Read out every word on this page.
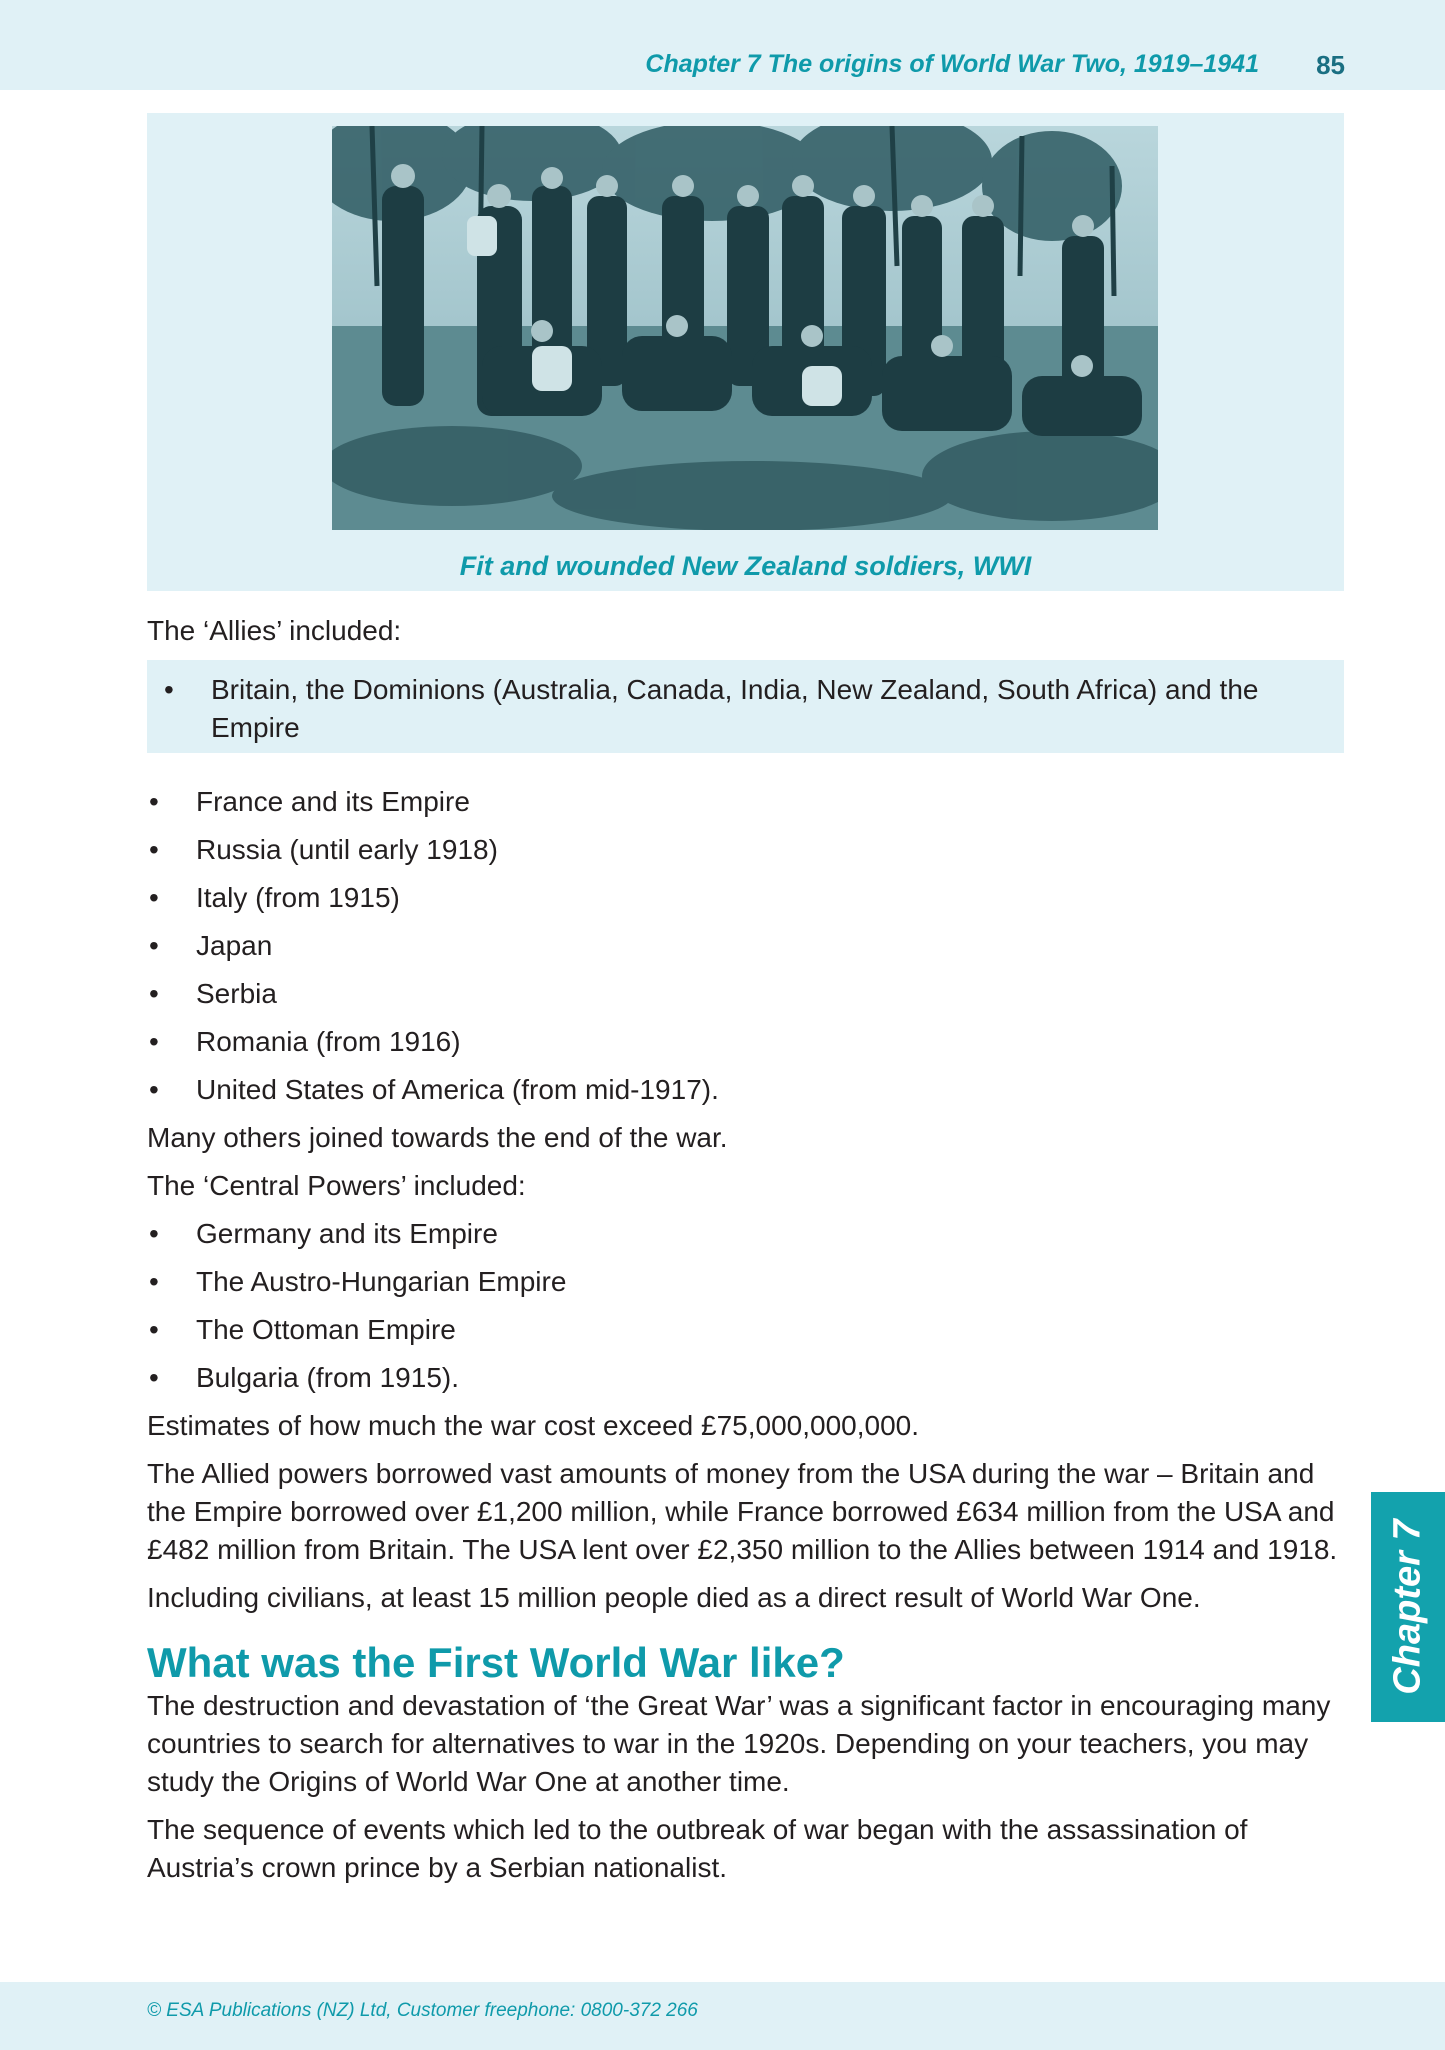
Chapter 7 The origins of World War Two, 1919–1941 85
Fit and wounded New Zealand soldiers, WWI

The ‘Allies’ included:

• Britain, the Dominions (Australia, Canada, India, New Zealand, South Africa) and the Empire
• France and its Empire
• Russia (until early 1918)
• Italy (from 1915)
• Japan
• Serbia
• Romania (from 1916)
• United States of America (from mid-1917).

Many others joined towards the end of the war.

The ‘Central Powers’ included:

• Germany and its Empire
• The Austro-Hungarian Empire
• The Ottoman Empire
• Bulgaria (from 1915).

Estimates of how much the war cost exceed £75,000,000,000.

The Allied powers borrowed vast amounts of money from the USA during the war – Britain and the Empire borrowed over £1,200 million, while France borrowed £634 million from the USA and £482 million from Britain. The USA lent over £2,350 million to the Allies between 1914 and 1918.

Including civilians, at least 15 million people died as a direct result of World War One.

What was the First World War like?

The destruction and devastation of ‘the Great War’ was a significant factor in encouraging many countries to search for alternatives to war in the 1920s. Depending on your teachers, you may study the Origins of World War One at another time.

The sequence of events which led to the outbreak of war began with the assassination of Austria’s crown prince by a Serbian nationalist.

Chapter 7
© ESA Publications (NZ) Ltd, Customer freephone: 0800-372 266
